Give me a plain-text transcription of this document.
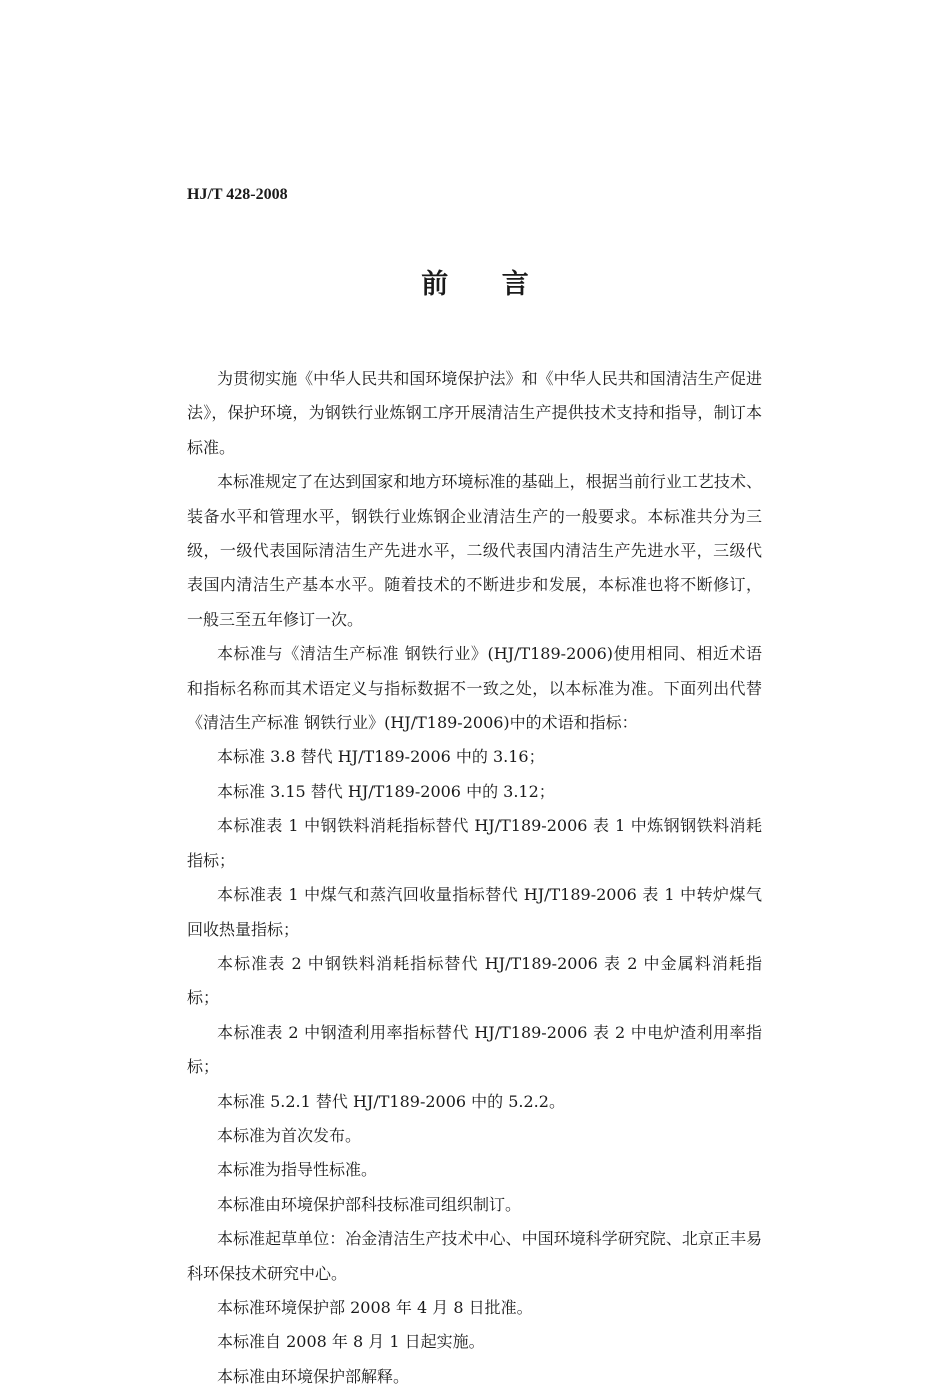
HJ/T 428-2008
前 言

为贯彻实施《中华人民共和国环境保护法》和《中华人民共和国清洁生产促进法》，保护环境，为钢铁行业炼钢工序开展清洁生产提供技术支持和指导，制订本标准。

本标准规定了在达到国家和地方环境标准的基础上，根据当前行业工艺技术、装备水平和管理水平，钢铁行业炼钢企业清洁生产的一般要求。本标准共分为三级，一级代表国际清洁生产先进水平，二级代表国内清洁生产先进水平，三级代表国内清洁生产基本水平。随着技术的不断进步和发展，本标准也将不断修订，一般三至五年修订一次。

本标准与《清洁生产标准 钢铁行业》(HJ/T189-2006)使用相同、相近术语和指标名称而其术语定义与指标数据不一致之处，以本标准为准。下面列出代替《清洁生产标准 钢铁行业》(HJ/T189-2006)中的术语和指标：

本标准 3.8 替代 HJ/T189-2006 中的 3.16；

本标准 3.15 替代 HJ/T189-2006 中的 3.12；

本标准表 1 中钢铁料消耗指标替代 HJ/T189-2006 表 1 中炼钢钢铁料消耗指标；

本标准表 1 中煤气和蒸汽回收量指标替代 HJ/T189-2006 表 1 中转炉煤气回收热量指标；

本标准表 2 中钢铁料消耗指标替代 HJ/T189-2006 表 2 中金属料消耗指标；

本标准表 2 中钢渣利用率指标替代 HJ/T189-2006 表 2 中电炉渣利用率指标；

本标准 5.2.1 替代 HJ/T189-2006 中的 5.2.2。

本标准为首次发布。

本标准为指导性标准。

本标准由环境保护部科技标准司组织制订。

本标准起草单位：冶金清洁生产技术中心、中国环境科学研究院、北京正丰易科环保技术研究中心。

本标准环境保护部 2008 年 4 月 8 日批准。

本标准自 2008 年 8 月 1 日起实施。

本标准由环境保护部解释。
